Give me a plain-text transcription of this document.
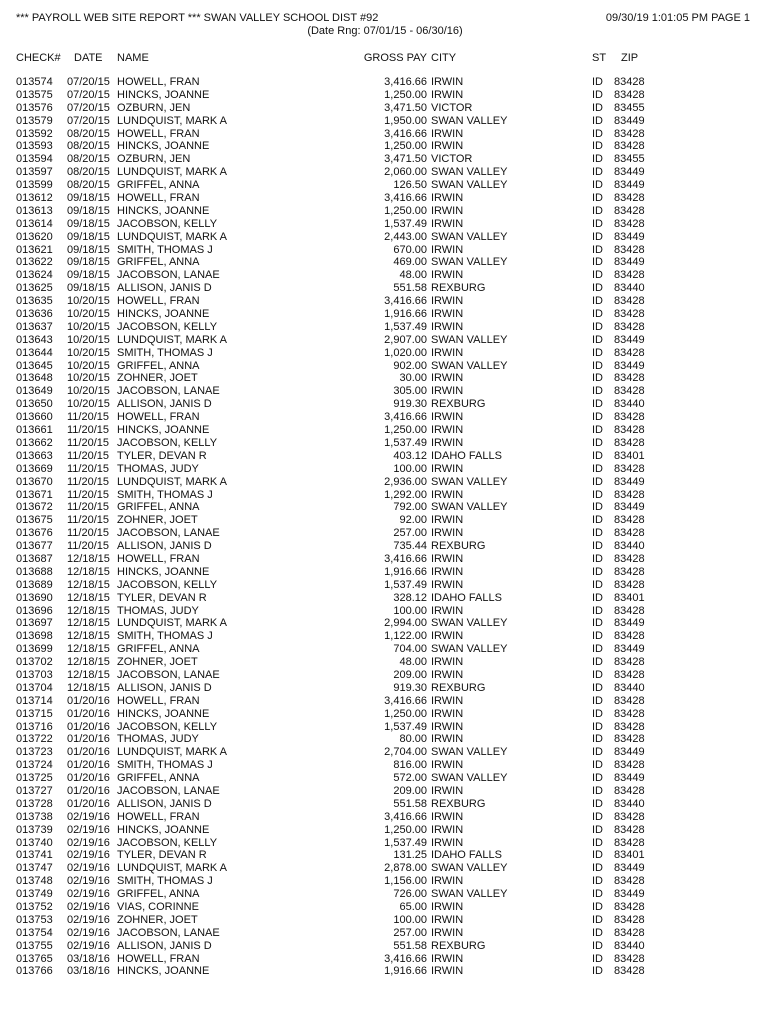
*** PAYROLL WEB SITE REPORT *** SWAN VALLEY SCHOOL DIST #92	09/30/19 1:01:05 PM PAGE 1
(Date Rng: 07/01/15 - 06/30/16)
CHECK# DATE NAME	GROSS PAY CITY	ST ZIP
013574 07/20/15 HOWELL, FRAN	3,416.66 IRWIN	ID 83428
013575 07/20/15 HINCKS, JOANNE	1,250.00 IRWIN	ID 83428
013576 07/20/15 OZBURN, JEN	3,471.50 VICTOR	ID 83455
013579 07/20/15 LUNDQUIST, MARK A	1,950.00 SWAN VALLEY	ID 83449
013592 08/20/15 HOWELL, FRAN	3,416.66 IRWIN	ID 83428
013593 08/20/15 HINCKS, JOANNE	1,250.00 IRWIN	ID 83428
013594 08/20/15 OZBURN, JEN	3,471.50 VICTOR	ID 83455
013597 08/20/15 LUNDQUIST, MARK A	2,060.00 SWAN VALLEY	ID 83449
013599 08/20/15 GRIFFEL, ANNA	126.50 SWAN VALLEY	ID 83449
013612 09/18/15 HOWELL, FRAN	3,416.66 IRWIN	ID 83428
013613 09/18/15 HINCKS, JOANNE	1,250.00 IRWIN	ID 83428
013614 09/18/15 JACOBSON, KELLY	1,537.49 IRWIN	ID 83428
013620 09/18/15 LUNDQUIST, MARK A	2,443.00 SWAN VALLEY	ID 83449
013621 09/18/15 SMITH, THOMAS J	670.00 IRWIN	ID 83428
013622 09/18/15 GRIFFEL, ANNA	469.00 SWAN VALLEY	ID 83449
013624 09/18/15 JACOBSON, LANAE	48.00 IRWIN	ID 83428
013625 09/18/15 ALLISON, JANIS D	551.58 REXBURG	ID 83440
013635 10/20/15 HOWELL, FRAN	3,416.66 IRWIN	ID 83428
013636 10/20/15 HINCKS, JOANNE	1,916.66 IRWIN	ID 83428
013637 10/20/15 JACOBSON, KELLY	1,537.49 IRWIN	ID 83428
013643 10/20/15 LUNDQUIST, MARK A	2,907.00 SWAN VALLEY	ID 83449
013644 10/20/15 SMITH, THOMAS J	1,020.00 IRWIN	ID 83428
013645 10/20/15 GRIFFEL, ANNA	902.00 SWAN VALLEY	ID 83449
013648 10/20/15 ZOHNER, JOET	30.00 IRWIN	ID 83428
013649 10/20/15 JACOBSON, LANAE	305.00 IRWIN	ID 83428
013650 10/20/15 ALLISON, JANIS D	919.30 REXBURG	ID 83440
013660 11/20/15 HOWELL, FRAN	3,416.66 IRWIN	ID 83428
013661 11/20/15 HINCKS, JOANNE	1,250.00 IRWIN	ID 83428
013662 11/20/15 JACOBSON, KELLY	1,537.49 IRWIN	ID 83428
013663 11/20/15 TYLER, DEVAN R	403.12 IDAHO FALLS	ID 83401
013669 11/20/15 THOMAS, JUDY	100.00 IRWIN	ID 83428
013670 11/20/15 LUNDQUIST, MARK A	2,936.00 SWAN VALLEY	ID 83449
013671 11/20/15 SMITH, THOMAS J	1,292.00 IRWIN	ID 83428
013672 11/20/15 GRIFFEL, ANNA	792.00 SWAN VALLEY	ID 83449
013675 11/20/15 ZOHNER, JOET	92.00 IRWIN	ID 83428
013676 11/20/15 JACOBSON, LANAE	257.00 IRWIN	ID 83428
013677 11/20/15 ALLISON, JANIS D	735.44 REXBURG	ID 83440
013687 12/18/15 HOWELL, FRAN	3,416.66 IRWIN	ID 83428
013688 12/18/15 HINCKS, JOANNE	1,916.66 IRWIN	ID 83428
013689 12/18/15 JACOBSON, KELLY	1,537.49 IRWIN	ID 83428
013690 12/18/15 TYLER, DEVAN R	328.12 IDAHO FALLS	ID 83401
013696 12/18/15 THOMAS, JUDY	100.00 IRWIN	ID 83428
013697 12/18/15 LUNDQUIST, MARK A	2,994.00 SWAN VALLEY	ID 83449
013698 12/18/15 SMITH, THOMAS J	1,122.00 IRWIN	ID 83428
013699 12/18/15 GRIFFEL, ANNA	704.00 SWAN VALLEY	ID 83449
013702 12/18/15 ZOHNER, JOET	48.00 IRWIN	ID 83428
013703 12/18/15 JACOBSON, LANAE	209.00 IRWIN	ID 83428
013704 12/18/15 ALLISON, JANIS D	919.30 REXBURG	ID 83440
013714 01/20/16 HOWELL, FRAN	3,416.66 IRWIN	ID 83428
013715 01/20/16 HINCKS, JOANNE	1,250.00 IRWIN	ID 83428
013716 01/20/16 JACOBSON, KELLY	1,537.49 IRWIN	ID 83428
013722 01/20/16 THOMAS, JUDY	80.00 IRWIN	ID 83428
013723 01/20/16 LUNDQUIST, MARK A	2,704.00 SWAN VALLEY	ID 83449
013724 01/20/16 SMITH, THOMAS J	816.00 IRWIN	ID 83428
013725 01/20/16 GRIFFEL, ANNA	572.00 SWAN VALLEY	ID 83449
013727 01/20/16 JACOBSON, LANAE	209.00 IRWIN	ID 83428
013728 01/20/16 ALLISON, JANIS D	551.58 REXBURG	ID 83440
013738 02/19/16 HOWELL, FRAN	3,416.66 IRWIN	ID 83428
013739 02/19/16 HINCKS, JOANNE	1,250.00 IRWIN	ID 83428
013740 02/19/16 JACOBSON, KELLY	1,537.49 IRWIN	ID 83428
013741 02/19/16 TYLER, DEVAN R	131.25 IDAHO FALLS	ID 83401
013747 02/19/16 LUNDQUIST, MARK A	2,878.00 SWAN VALLEY	ID 83449
013748 02/19/16 SMITH, THOMAS J	1,156.00 IRWIN	ID 83428
013749 02/19/16 GRIFFEL, ANNA	726.00 SWAN VALLEY	ID 83449
013752 02/19/16 VIAS, CORINNE	65.00 IRWIN	ID 83428
013753 02/19/16 ZOHNER, JOET	100.00 IRWIN	ID 83428
013754 02/19/16 JACOBSON, LANAE	257.00 IRWIN	ID 83428
013755 02/19/16 ALLISON, JANIS D	551.58 REXBURG	ID 83440
013765 03/18/16 HOWELL, FRAN	3,416.66 IRWIN	ID 83428
013766 03/18/16 HINCKS, JOANNE	1,916.66 IRWIN	ID 83428
